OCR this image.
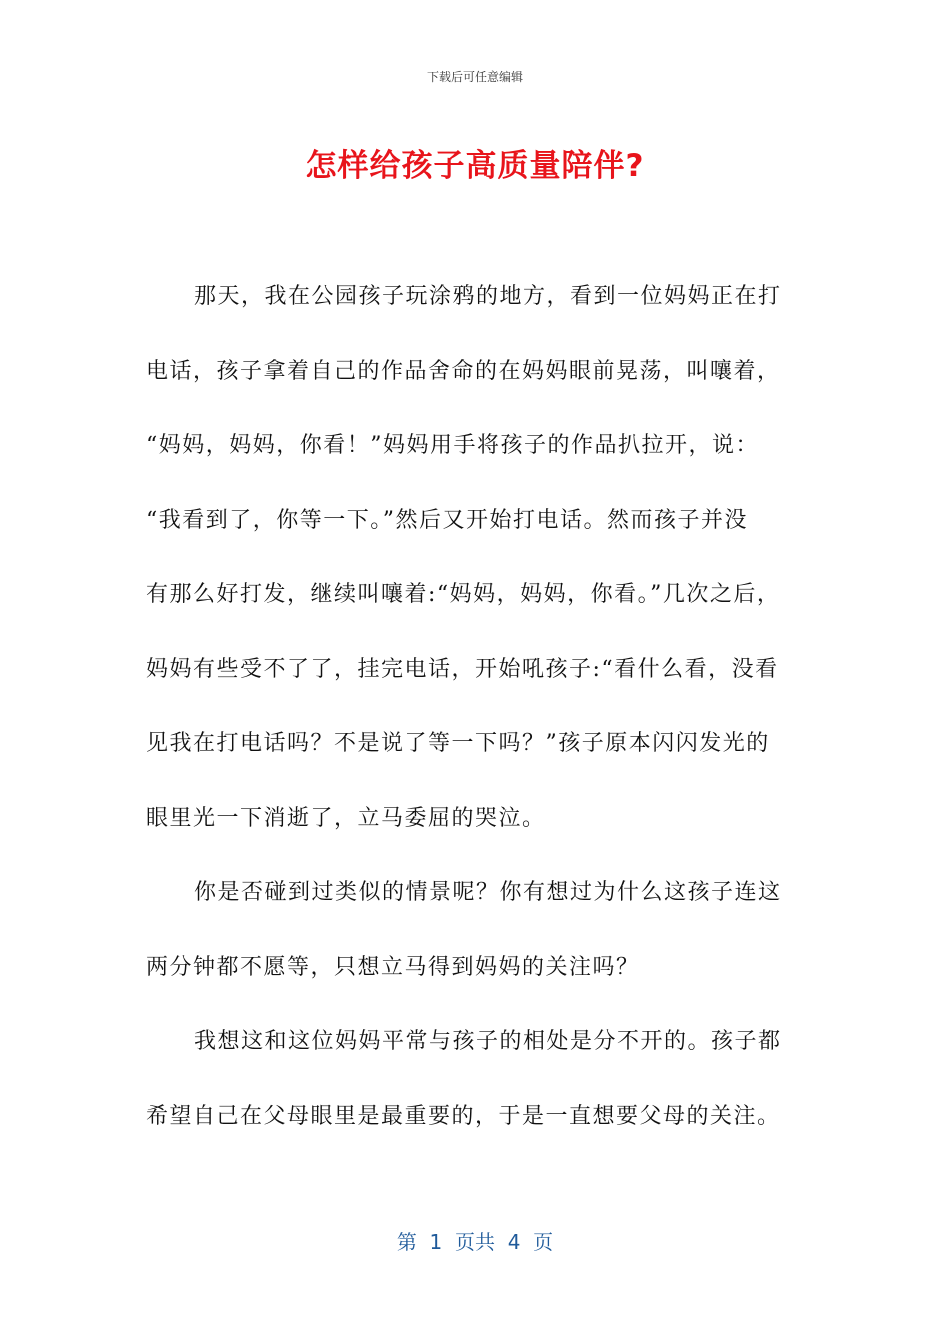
下载后可任意编辑
怎样给孩子高质量陪伴?
那天，我在公园孩子玩涂鸦的地方，看到一位妈妈正在打
电话，孩子拿着自己的作品舍命的在妈妈眼前晃荡，叫嚷着，
“妈妈，妈妈，你看！”妈妈用手将孩子的作品扒拉开，说：
“我看到了，你等一下。”然后又开始打电话。然而孩子并没
有那么好打发，继续叫嚷着:“妈妈，妈妈，你看。”几次之后，
妈妈有些受不了了，挂完电话，开始吼孩子:“看什么看，没看
见我在打电话吗？不是说了等一下吗？”孩子原本闪闪发光的
眼里光一下消逝了，立马委屈的哭泣。
你是否碰到过类似的情景呢？你有想过为什么这孩子连这
两分钟都不愿等，只想立马得到妈妈的关注吗？
我想这和这位妈妈平常与孩子的相处是分不开的。孩子都
希望自己在父母眼里是最重要的，于是一直想要父母的关注。
第  1  页共  4  页
